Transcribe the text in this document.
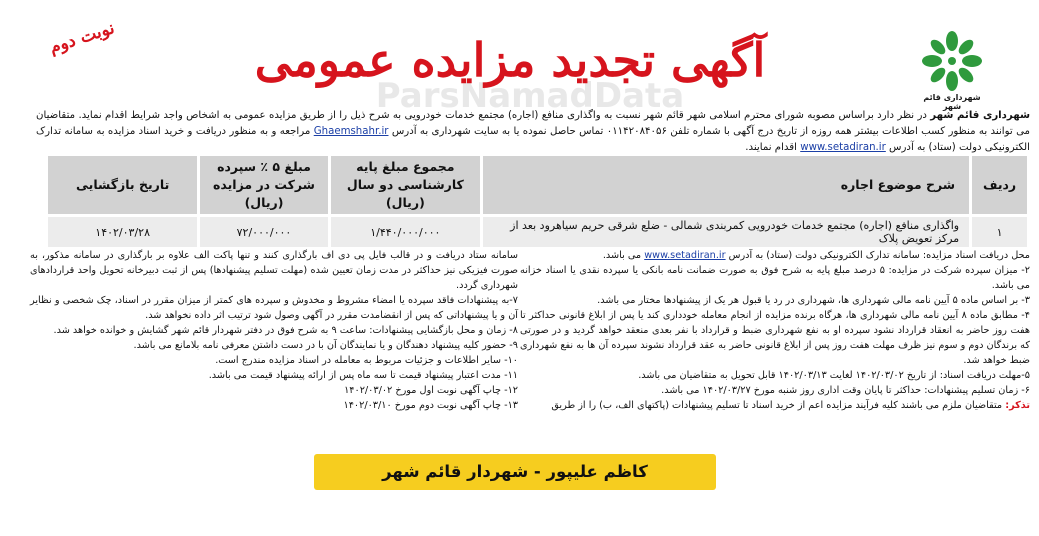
شهرداری قائم شهر
نوبت دوم
ParsNamadData
آگهی تجدید مزایده عمومی
شهرداری قائم شهر در نظر دارد براساس مصوبه شورای محترم اسلامی شهر قائم شهر نسبت به واگذاری منافع (اجاره) مجتمع خدمات خودرویی به شرح ذیل را از طریق مزایده عمومی به اشخاص واجد شرایط اقدام نماید. متقاضیان می توانند به منظور کسب اطلاعات بیشتر همه روزه از تاریخ درج آگهی با شماره تلفن ۰۱۱۴۲۰۸۴۰۵۶ تماس حاصل نموده یا به سایت شهرداری به آدرس Ghaemshahr.ir مراجعه و به منظور دریافت و خرید اسناد مزایده به سامانه تدارک الکترونیکی دولت (ستاد) به آدرس www.setadiran.ir اقدام نمایند.
ردیف	شرح موضوع اجاره	مجموع مبلغ پایه کارشناسی دو سال (ریال)	مبلغ ۵ ٪ سپرده شرکت در مزایده (ریال)	تاریخ بازگشایی
۱	واگذاری منافع (اجاره) مجتمع خدمات خودرویی کمربندی شمالی - ضلع شرقی حریم سیاهرود بعد از مرکز تعویض پلاک	۱/۴۴۰/۰۰۰/۰۰۰	۷۲/۰۰۰/۰۰۰	۱۴۰۲/۰۳/۲۸

محل دریافت اسناد مزایده: سامانه تدارک الکترونیکی دولت (ستاد) به آدرس www.setadiran.ir می باشد.

۲- میزان سپرده شرکت در مزایده: ۵ درصد مبلغ پایه به شرح فوق به صورت ضمانت نامه بانکی یا سپرده نقدی یا اسناد خزانه می باشد.

۳- بر اساس ماده ۵ آیین نامه مالی شهرداری ها، شهرداری در رد یا قبول هر یک از پیشنهادها مختار می باشد.

۴- مطابق ماده ۸ آیین نامه مالی شهرداری ها، هرگاه برنده مزایده از انجام معامله خودداری کند یا پس از ابلاغ قانونی حداکثر تا هفت روز حاضر به انعقاد قرارداد نشود سپرده او به نفع شهرداری ضبط و قرارداد با نفر بعدی منعقد خواهد گردید و در صورتی که برندگان دوم و سوم نیز ظرف مهلت هفت روز پس از ابلاغ قانونی حاضر به عقد قرارداد نشوند سپرده آن ها به نفع شهرداری ضبط خواهد شد.

۵-مهلت دریافت اسناد: از تاریخ ۱۴۰۲/۰۳/۰۲ لغایت ۱۴۰۲/۰۳/۱۳ قابل تحویل به متقاضیان می باشد.

۶- زمان تسلیم پیشنهادات: حداکثر تا پایان وقت اداری روز شنبه مورخ ۱۴۰۲/۰۳/۲۷ می باشد.

تذکر: متقاضیان ملزم می باشند کلیه فرآیند مزایده اعم از خرید اسناد تا تسلیم پیشنهادات (پاکتهای الف، ب) را از طریق

سامانه ستاد دریافت و در قالب فایل پی دی اف بارگذاری کنند و تنها پاکت الف علاوه بر بارگذاری در سامانه مذکور، به صورت فیزیکی نیز حداکثر در مدت زمان تعیین شده (مهلت تسلیم پیشنهادها) پس از ثبت دبیرخانه تحویل واحد قراردادهای شهرداری گردد.

۷-به پیشنهادات فاقد سپرده یا امضاء مشروط و مخدوش و سپرده های کمتر از میزان مقرر در اسناد، چک شخصی و نظایر آن و یا پیشنهاداتی که پس از انقضامدت مقرر در آگهی وصول شود ترتیب اثر داده نخواهد شد.

۸- زمان و محل بازگشایی پیشنهادات: ساعت ۹ به شرح فوق در دفتر شهردار قائم شهر گشایش و خوانده خواهد شد.

۹- حضور کلیه پیشنهاد دهندگان و یا نمایندگان آن با در دست داشتن معرفی نامه بلامانع می باشد.

۱۰- سایر اطلاعات و جزئیات مربوط به معامله در اسناد مزایده مندرج است.

۱۱- مدت اعتبار پیشنهاد قیمت تا سه ماه پس از ارائه پیشنهاد قیمت می باشد.

۱۲- چاپ آگهی نوبت اول مورخ ۱۴۰۲/۰۳/۰۲

۱۳- چاپ آگهی نوبت دوم مورخ ۱۴۰۲/۰۳/۱۰

کاظم علیپور - شهردار قائم شهر
